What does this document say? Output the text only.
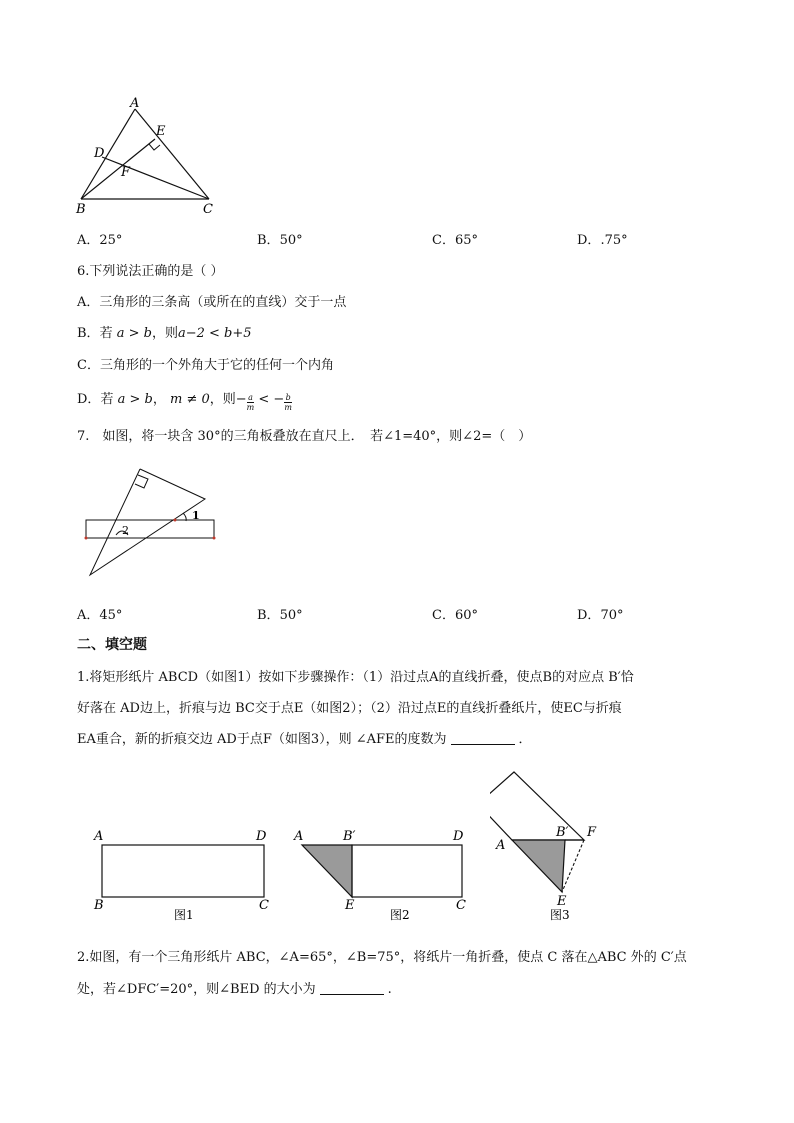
A
E
D
F
B	C
A．25°	B．50°	C．65°	D．.75°
6.下列说法正确的是（ ）
A．三角形的三条高（或所在的直线）交于一点
B．若 a > b，则a−2 < b+5
C．三角形的一个外角大于它的任何一个内角
D．若 a > b， m ≠ 0，则− $\frac{a}{m}$ < − $\frac{b}{m}$
7.　如图，将一块含 30°的三角板叠放在直尺上．　若∠1=40°，则∠2=（　）
1
2
A．45°	B．50°	C．60°	D．70°
二、填空题
1.将矩形纸片 ABCD（如图1）按如下步骤操作：（1）沿过点A的直线折叠，使点B的对应点 B′恰
好落在 AD边上，折痕与边 BC交于点E（如图2）；（2）沿过点E的直线折叠纸片，使EC与折痕
EA重合，新的折痕交边 AD于点F（如图3），则 ∠AFE的度数为	．
A	D
B	C
图1
A	B′	D
E	C
图2
A
B′ F
E
图3
2.如图，有一个三角形纸片 ABC，∠A=65°，∠B=75°，将纸片一角折叠，使点 C 落在△ABC 外的 C′点
处，若∠DFC′=20°，则∠BED 的大小为	.
